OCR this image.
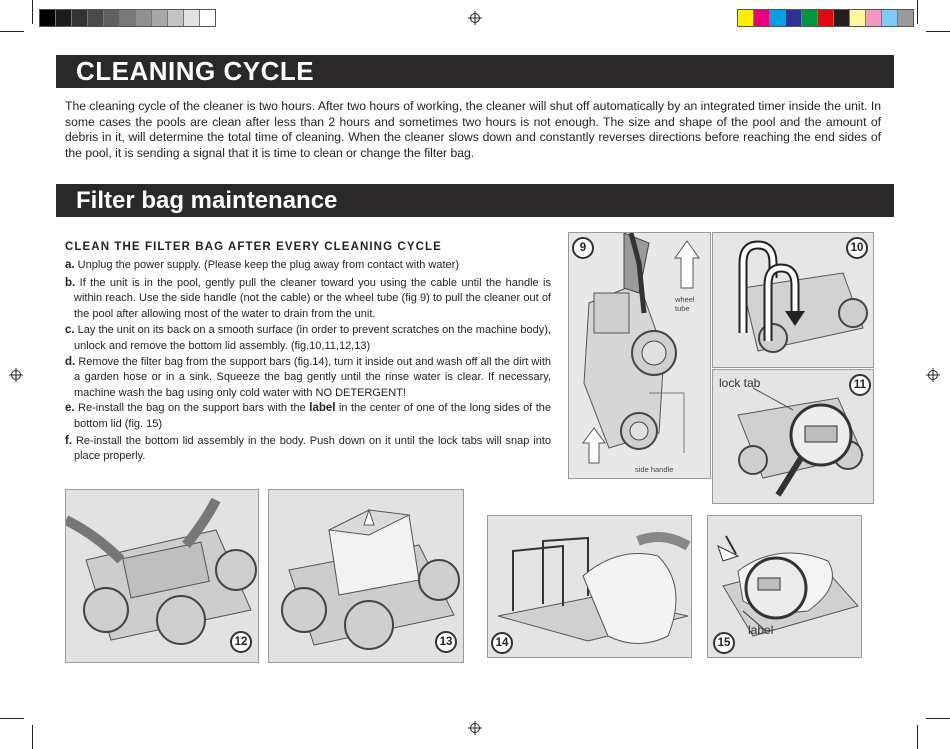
CLEANING CYCLE
The cleaning cycle of the cleaner is two hours. After two hours of working, the cleaner will shut off automatically by an integrated timer inside the unit. In some cases the pools are clean after less than 2 hours and sometimes two hours is not enough. The size and shape of the pool and the amount of debris in it, will determine the total time of cleaning. When the cleaner slows down and constantly reverses directions before reaching the end sides of the pool, it is sending a signal that it is time to clean or change the filter bag.
Filter bag maintenance
CLEAN THE FILTER BAG AFTER EVERY CLEANING CYCLE

a. Unplug the power supply. (Please keep the plug away from contact with water)

b. If the unit is in the pool, gently pull the cleaner toward you using the cable until the handle is within reach. Use the side handle (not the cable) or the wheel tube (fig 9) to pull the cleaner out of the pool after allowing most of the water to drain from the unit.

c. Lay the unit on its back on a smooth surface (in order to prevent scratches on the machine body), unlock and remove the bottom lid assembly. (fig.10,11,12,13)

d. Remove the filter bag from the support bars (fig.14), turn it inside out and wash off all the dirt with a garden hose or in a sink. Squeeze the bag gently until the rinse water is clear. If necessary, machine wash the bag using only cold water with NO DETERGENT!

e. Re-install the bag on the support bars with the label in the center of one of the long sides of the bottom lid (fig. 15)

f. Re-install the bottom lid assembly in the body. Push down on it until the lock tabs will snap into place properly.

9
wheel tube
side handle
10
lock tab	11
12	13	14
label
15
